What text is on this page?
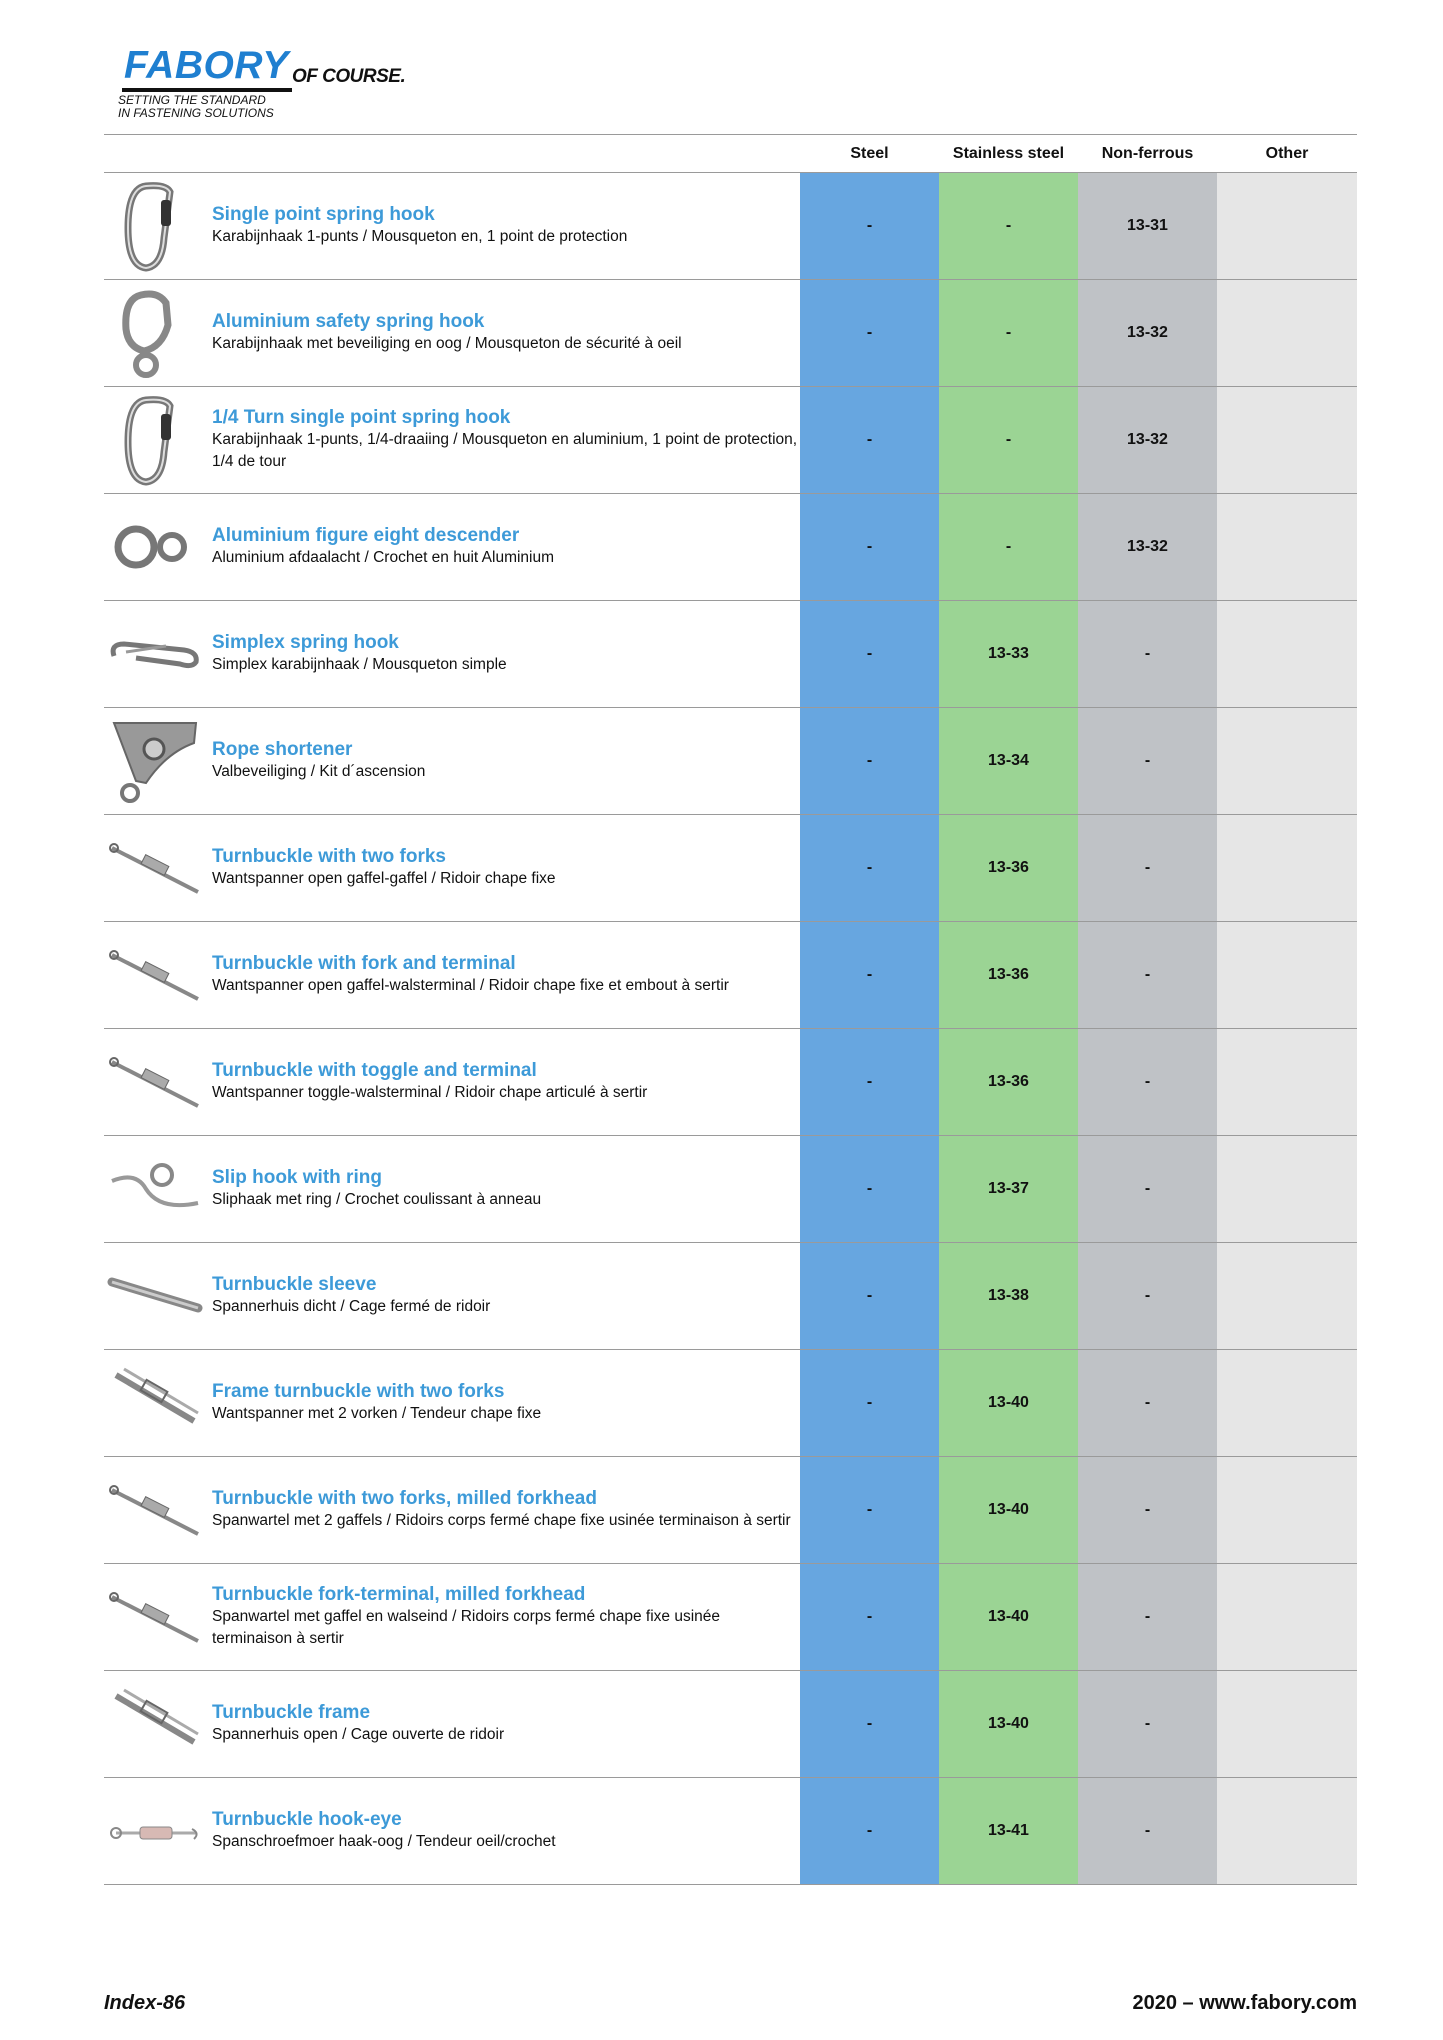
FABORY OF COURSE.
SETTING THE STANDARD
IN FASTENING SOLUTIONS
Steel	Stainless steel	Non-ferrous	Other
Single point spring hook
Karabijnhaak 1-punts / Mousqueton en, 1 point de protection
-	-	13-31
Aluminium safety spring hook
Karabijnhaak met beveiliging en oog / Mousqueton de sécurité à oeil
-	-	13-32
1/4 Turn single point spring hook
Karabijnhaak 1-punts, 1/4-draaiing / Mousqueton en aluminium, 1 point de protection, 1/4 de tour
-	-	13-32
Aluminium figure eight descender
Aluminium afdaalacht / Crochet en huit Aluminium
-	-	13-32
Simplex spring hook
Simplex karabijnhaak / Mousqueton simple
-	13-33	-
Rope shortener
Valbeveiliging / Kit d´ascension
-	13-34	-
Turnbuckle with two forks
Wantspanner open gaffel-gaffel / Ridoir chape fixe
-	13-36	-
Turnbuckle with fork and terminal
Wantspanner open gaffel-walsterminal / Ridoir chape fixe et embout à sertir
-	13-36	-
Turnbuckle with toggle and terminal
Wantspanner toggle-walsterminal / Ridoir chape articulé à sertir
-	13-36	-
Slip hook with ring
Sliphaak met ring / Crochet coulissant à anneau
-	13-37	-
Turnbuckle sleeve
Spannerhuis dicht / Cage fermé de ridoir
-	13-38	-
Frame turnbuckle with two forks
Wantspanner met 2 vorken / Tendeur chape fixe
-	13-40	-
Turnbuckle with two forks, milled forkhead
Spanwartel met 2 gaffels / Ridoirs corps fermé chape fixe usinée terminaison à sertir
-	13-40	-
Turnbuckle fork-terminal, milled forkhead
Spanwartel met gaffel en walseind / Ridoirs corps fermé chape fixe usinée terminaison à sertir
-	13-40	-
Turnbuckle frame
Spannerhuis open / Cage ouverte de ridoir
-	13-40	-
Turnbuckle hook-eye
Spanschroefmoer haak-oog / Tendeur oeil/crochet
-	13-41	-
Index-86	2020 – www.fabory.com
